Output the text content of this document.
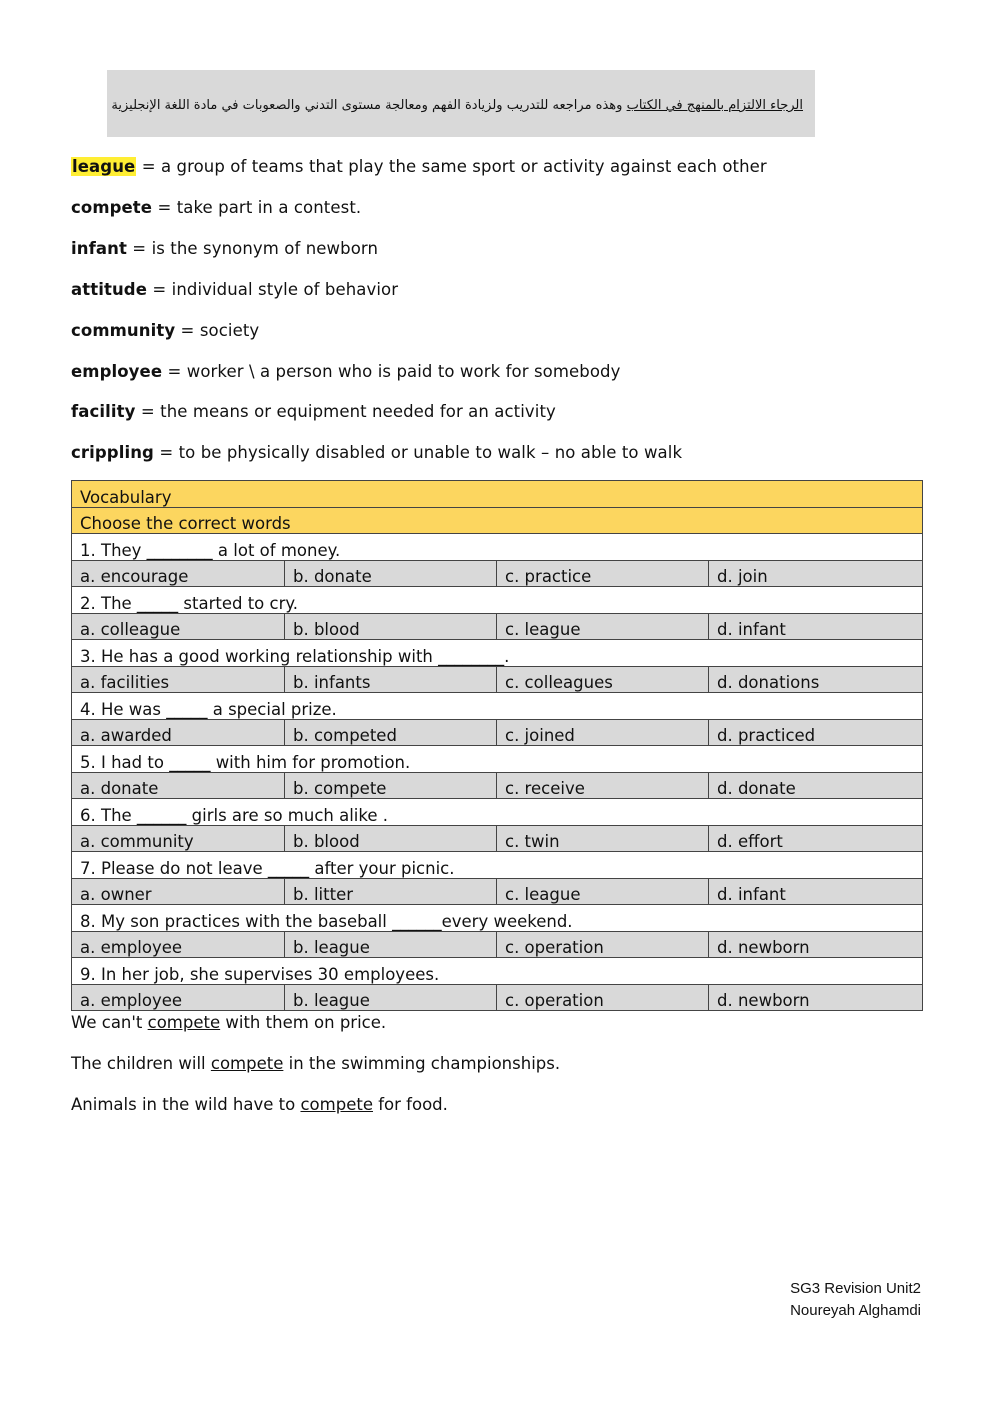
الرجاء الالتزام بالمنهج في الكتاب وهذه مراجعه للتدريب ولزيادة الفهم ومعالجة مستوى التدني والصعوبات في مادة اللغة الإنجليزية
league = a group of teams that play the same sport or activity against each other
compete = take part in a contest.
infant = is the synonym of newborn
attitude = individual style of behavior
community = society
employee = worker \ a person who is paid to work for somebody
facility = the means or equipment needed for an activity
crippling = to be physically disabled or unable to walk – no able to walk
Vocabulary			
Choose the correct words			
1. They ________ a lot of money.			
a. encourage	b. donate	c. practice	d. join
2. The _____ started to cry.			
a. colleague	b. blood	c. league	d. infant
3. He has a good working relationship with ________.			
a. facilities	b. infants	c. colleagues	d. donations
4. He was _____ a special prize.			
a. awarded	b. competed	c. joined	d. practiced
5. I had to _____ with him for promotion.			
a. donate	b. compete	c. receive	d. donate
6. The ______ girls are so much alike .			
a. community	b. blood	c. twin	d. effort
7. Please do not leave _____ after your picnic.			
a. owner	b. litter	c. league	d. infant
8. My son practices with the baseball ______every weekend.			
a. employee	b. league	c. operation	d. newborn
9. In her job, she supervises 30 employees.			
a. employee	b. league	c. operation	d. newborn
We can't compete with them on price.
The children will compete in the swimming championships.
Animals in the wild have to compete for food.
SG3 Revision Unit2
Noureyah Alghamdi
